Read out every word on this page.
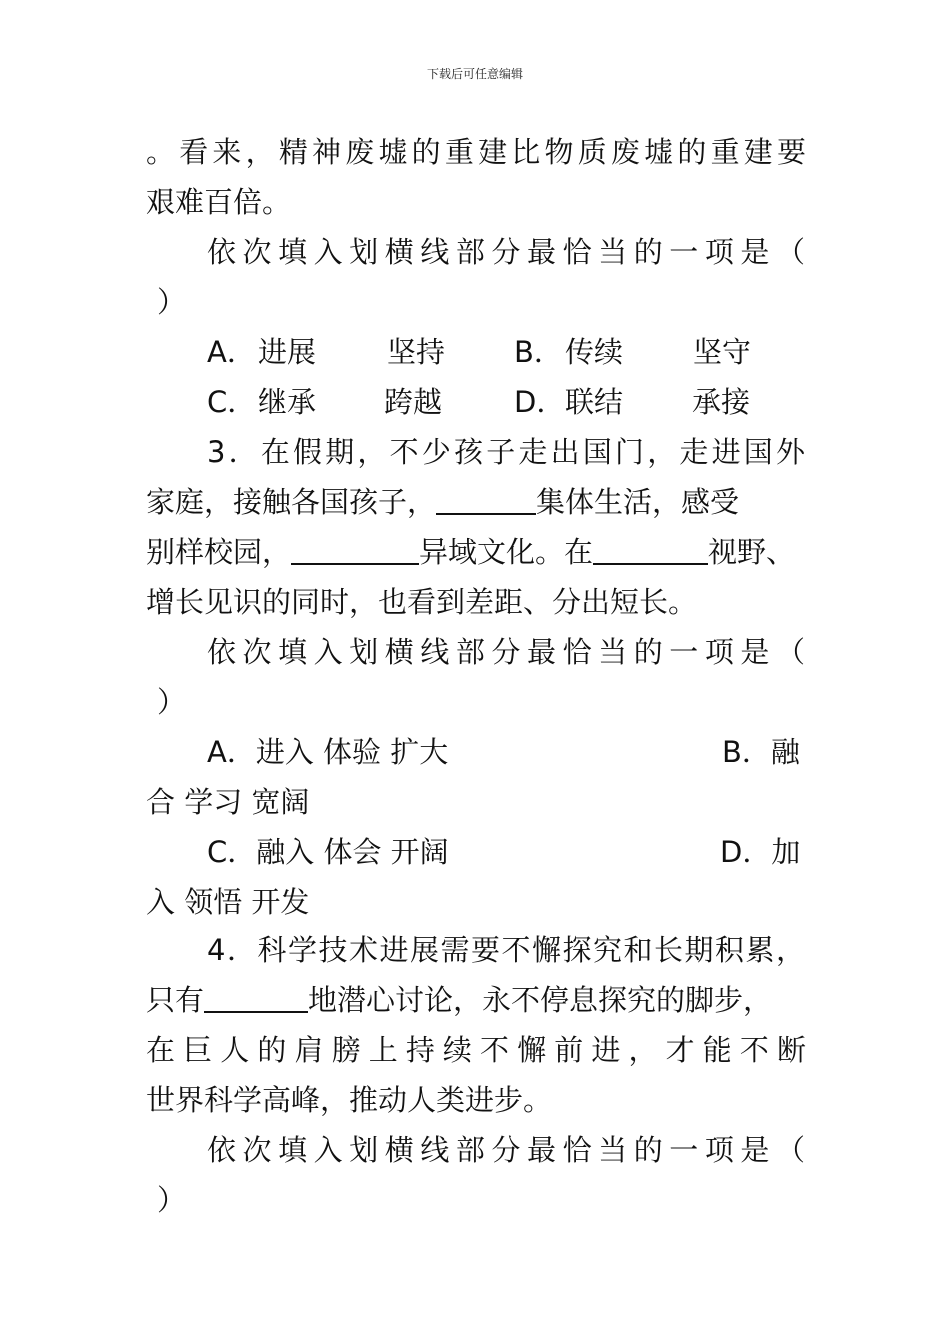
下载后可任意编辑
。看来，精神废墟的重建比物质废墟的重建要
艰难百倍。
依次填入划横线部分最恰当的一项是（
）
A． 进展 坚持 B． 传续 坚守
C． 继承 跨越 D． 联结 承接
3．在假期，不少孩子走出国门，走进国外
家庭，接触各国孩子，	集体生活，感受
别样校园，	异域文化。在	视野、
增长见识的同时，也看到差距、分出短长。
依次填入划横线部分最恰当的一项是（
）
A．进入 体验 扩大	B．融
合 学习 宽阔
C．融入 体会 开阔	D．加
入 领悟 开发
4．科学技术进展需要不懈探究和长期积累，
只有	地潜心讨论，永不停息探究的脚步，
在巨人的肩膀上持续不懈前进，才能不断
世界科学高峰，推动人类进步。
依次填入划横线部分最恰当的一项是（
）
